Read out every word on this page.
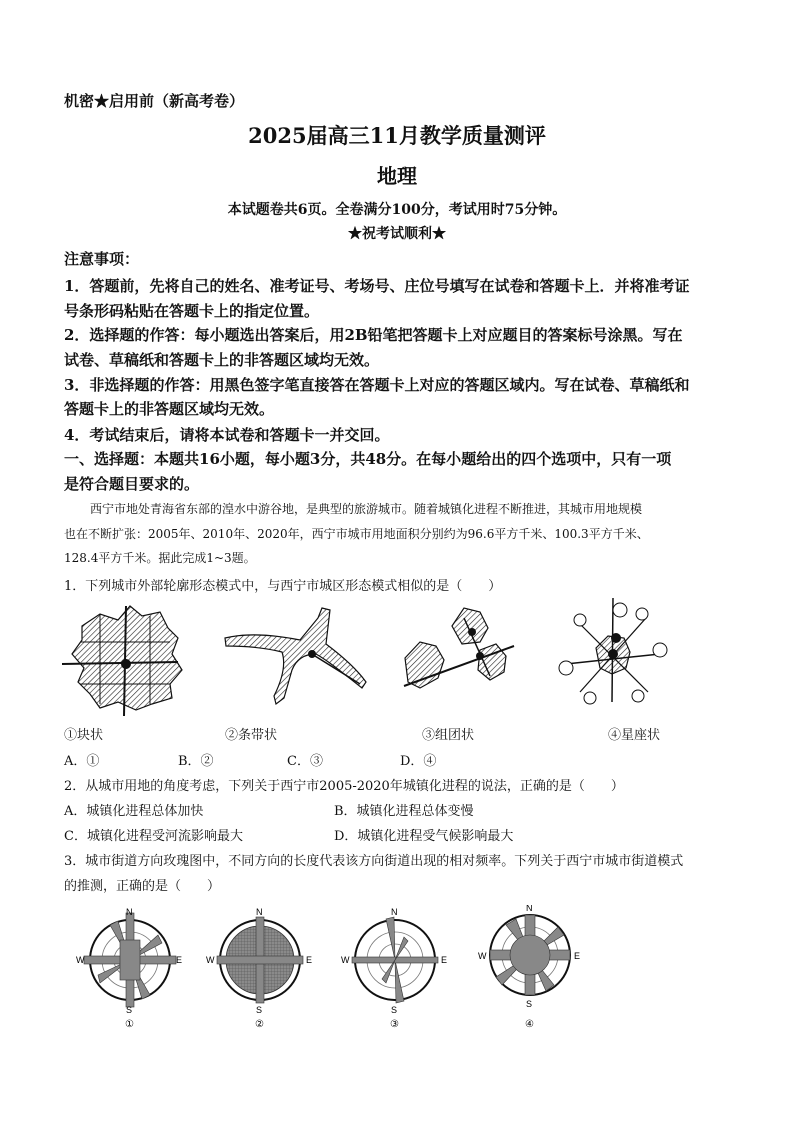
机密★启用前（新高考卷）
2025届高三11月教学质量测评
地理
本试题卷共6页。全卷满分100分，考试用时75分钟。
★祝考试顺利★
注意事项：
1．答题前，先将自己的姓名、准考证号、考场号、庄位号填写在试卷和答题卡上．并将准考证
号条形码粘贴在答题卡上的指定位置。
2．选择题的作答：每小题选出答案后，用2B铅笔把答题卡上对应题目的答案标号涂黑。写在
试卷、草稿纸和答题卡上的非答题区域均无效。
3．非选择题的作答：用黑色签字笔直接答在答题卡上对应的答题区域内。写在试卷、草稿纸和
答题卡上的非答题区域均无效。
4．考试结束后，请将本试卷和答题卡一并交回。
一、选择题：本题共16小题，每小题3分，共48分。在每小题给出的四个选项中，只有一项
是符合题目要求的。
西宁市地处青海省东部的湟水中游谷地，是典型的旅游城市。随着城镇化进程不断推进，其城市用地规模
也在不断扩张：2005年、2010年、2020年，西宁市城市用地面积分别约为96.6平方千米、100.3平方千米、
128.4平方千米。据此完成1~3题。
1．下列城市外部轮廓形态模式中，与西宁市城区形态模式相似的是（　　）
①块状	②条带状	③组团状	④星座状
A．①	B．②	C．③	D．④
2．从城市用地的角度考虑，下列关于西宁市2005-2020年城镇化进程的说法，正确的是（　　）
A．城镇化进程总体加快	B．城镇化进程总体变慢
C．城镇化进程受河流影响最大	D．城镇化进程受气候影响最大
3．城市街道方向玫瑰图中，不同方向的长度代表该方向街道出现的相对频率。下列关于西宁市城市街道模式
的推测，正确的是（　　）
N
E
S
W
①
N
E
S
W
②
N
E
S
W
③
N
E
S
W
④
